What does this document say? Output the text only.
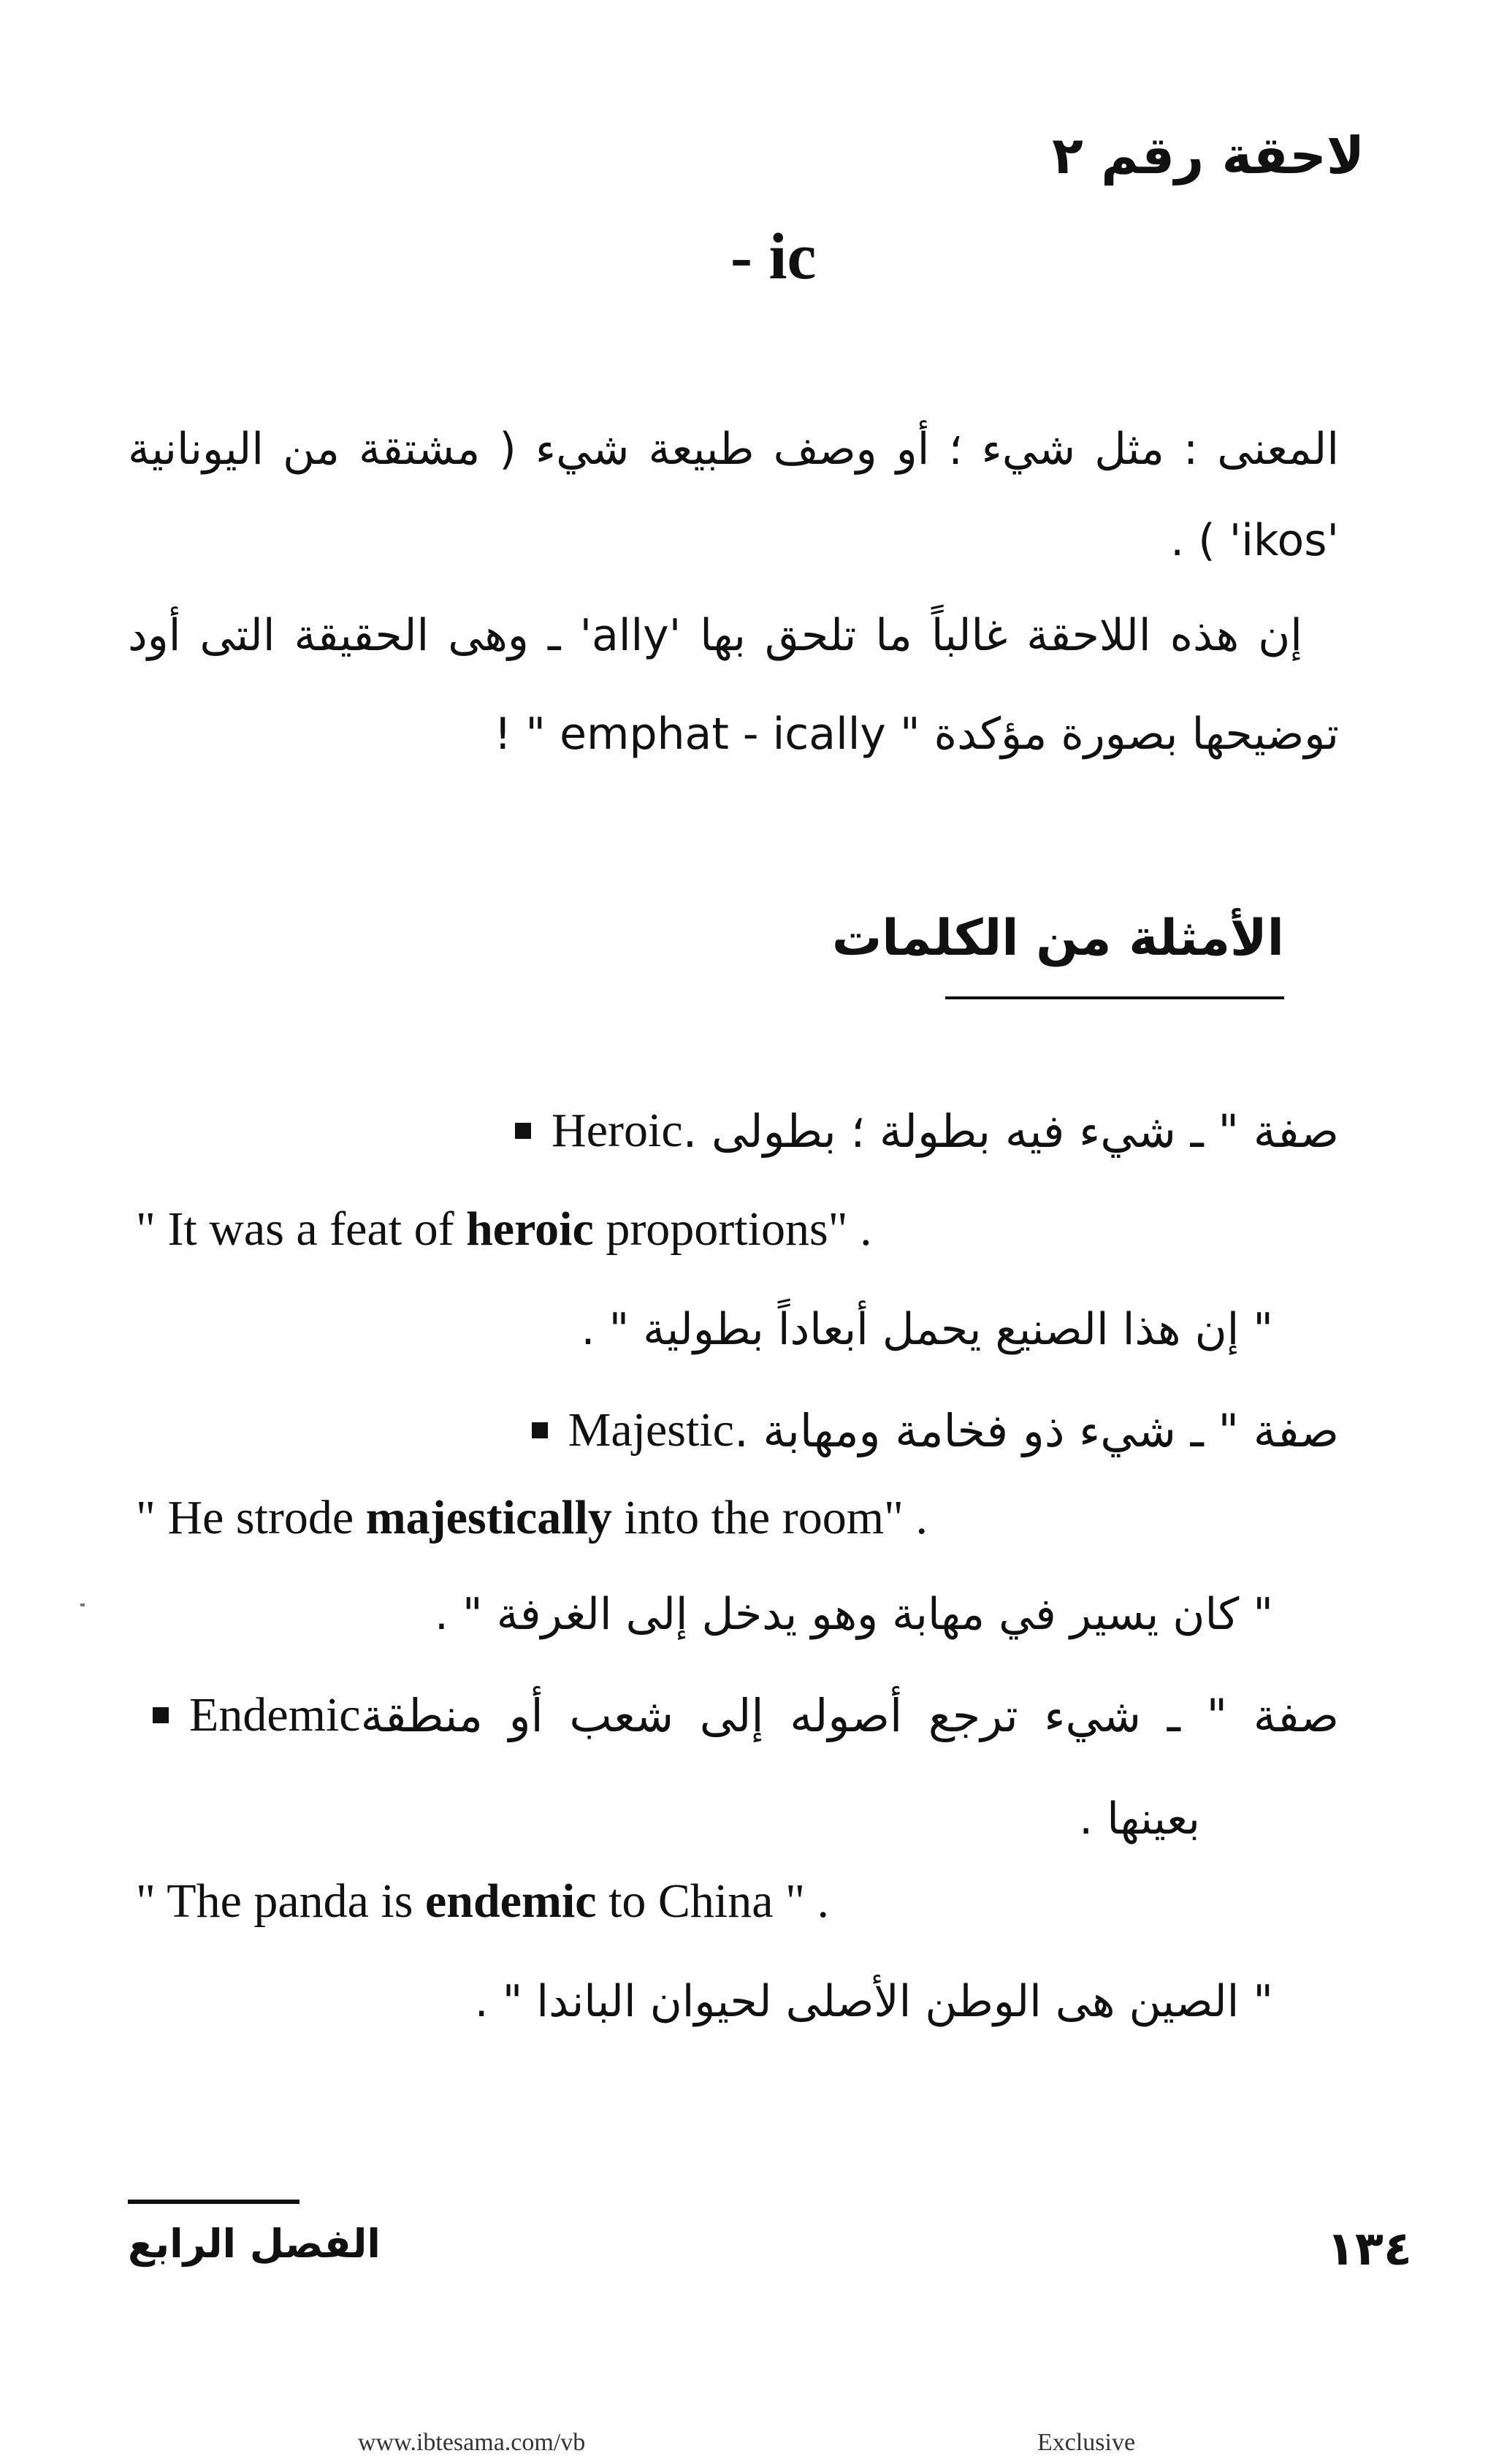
لاحقة رقم ٢
- ic
المعنى : مثل شيء ؛ أو وصف طبيعة شيء ( مشتقة من اليونانية
. ( 'ikos'
إن هذه اللاحقة غالباً ما تلحق بها 'ally' ـ وهى الحقيقة التى أود
توضيحها بصورة مؤكدة " emphat - ically " !
الأمثلة من الكلمات
Heroic صفة " ـ شيء فيه بطولة ؛ بطولى .
" It was a feat of heroic proportions" .
" إن هذا الصنيع يحمل أبعاداً بطولية " .
Majestic صفة " ـ شيء ذو فخامة ومهابة .
" He strode majestically into the room" .
" كان يسير في مهابة وهو يدخل إلى الغرفة " .
Endemic صفة " ـ شيء ترجع أصوله إلى شعب أو منطقة
بعينها .
" The panda is endemic to China " .
" الصين هى الوطن الأصلى لحيوان الباندا " .
الفصل الرابع	١٣٤
www.ibtesama.com/vb	Exclusive
